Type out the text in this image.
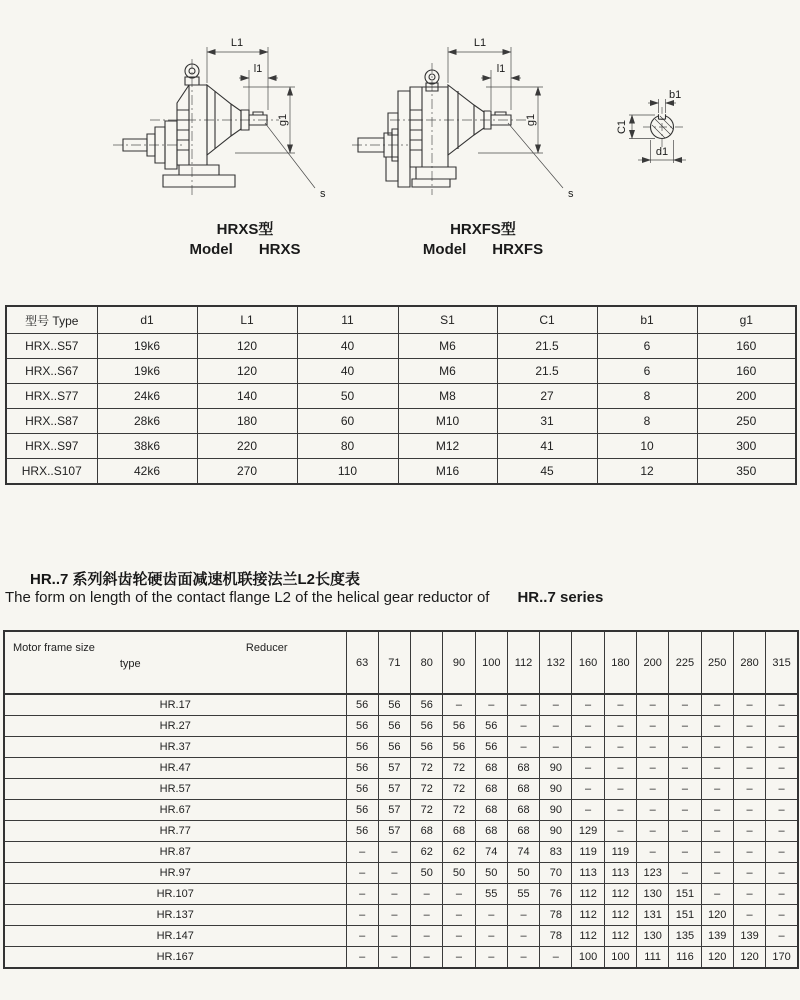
L1
l1
g1
s
HRXS型
Model HRXS
L1
l1
g1
s
HRXFS型
Model HRXFS
b1
C1
d1
型号 Type	d1	L1	11	S1	C1	b1	g1
HRX..S57	19k6	120	40	M6	21.5	6	160
HRX..S67	19k6	120	40	M6	21.5	6	160
HRX..S77	24k6	140	50	M8	27	8	200
HRX..S87	28k6	180	60	M10	31	8	250
HRX..S97	38k6	220	80	M12	41	10	300
HRX..S107	42k6	270	110	M16	45	12	350
HR..7 系列斜齿轮硬齿面减速机联接法兰L2长度表
The form on length of the contact flange L2 of the helical gear reductor of HR..7 series
Motor frame size Reducer
type	63	71	80	90	100	112	132	160	180	200	225	250	280	315
HR.17	56	56	56	–	–	–	–	–	–	–	–	–	–	–
HR.27	56	56	56	56	56	–	–	–	–	–	–	–	–	–
HR.37	56	56	56	56	56	–	–	–	–	–	–	–	–	–
HR.47	56	57	72	72	68	68	90	–	–	–	–	–	–	–
HR.57	56	57	72	72	68	68	90	–	–	–	–	–	–	–
HR.67	56	57	72	72	68	68	90	–	–	–	–	–	–	–
HR.77	56	57	68	68	68	68	90	129	–	–	–	–	–	–
HR.87	–	–	62	62	74	74	83	119	119	–	–	–	–	–
HR.97	–	–	50	50	50	50	70	113	113	123	–	–	–	–
HR.107	–	–	–	–	55	55	76	112	112	130	151	–	–	–
HR.137	–	–	–	–	–	–	78	112	112	131	151	120	–	–
HR.147	–	–	–	–	–	–	78	112	112	130	135	139	139	–
HR.167	–	–	–	–	–	–	–	100	100	111	116	120	120	170
